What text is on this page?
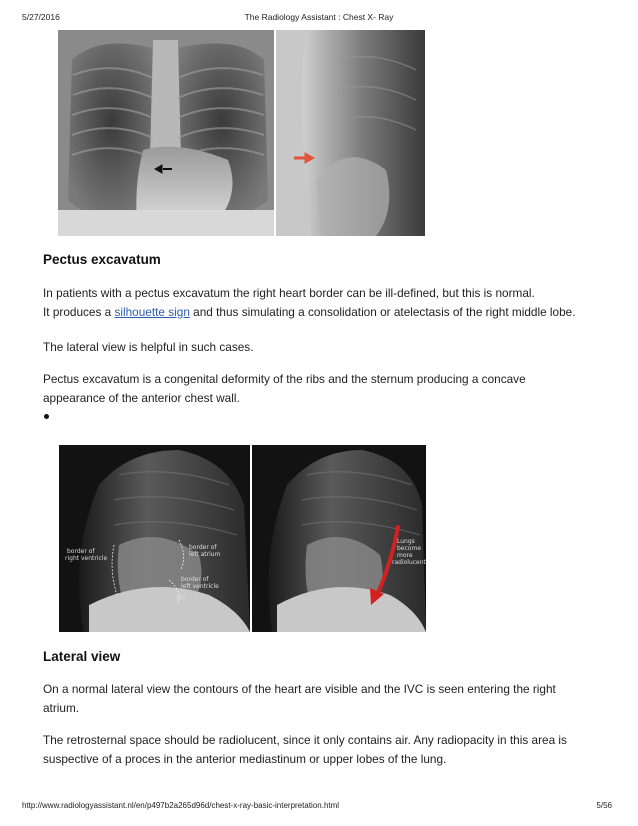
5/27/2016	The Radiology Assistant : Chest X- Ray
Pectus excavatum

In patients with a pectus excavatum the right heart border can be ill-defined, but this is normal.
It produces a silhouette sign and thus simulating a consolidation or atelectasis of the right middle lobe.

The lateral view is helpful in such cases.

Pectus excavatum is a congenital deformity of the ribs and the sternum producing a concave
appearance of the anterior chest wall.

border of
right ventricle
border of
left atrium
border of
left ventricle
IVC
Lungs
become
more
radiolucent
Lateral view

On a normal lateral view the contours of the heart are visible and the IVC is seen entering the right
atrium.

The retrosternal space should be radiolucent, since it only contains air. Any radiopacity in this area is
suspective of a proces in the anterior mediastinum or upper lobes of the lung.

http://www.radiologyassistant.nl/en/p497b2a265d96d/chest-x-ray-basic-interpretation.html	5/56
